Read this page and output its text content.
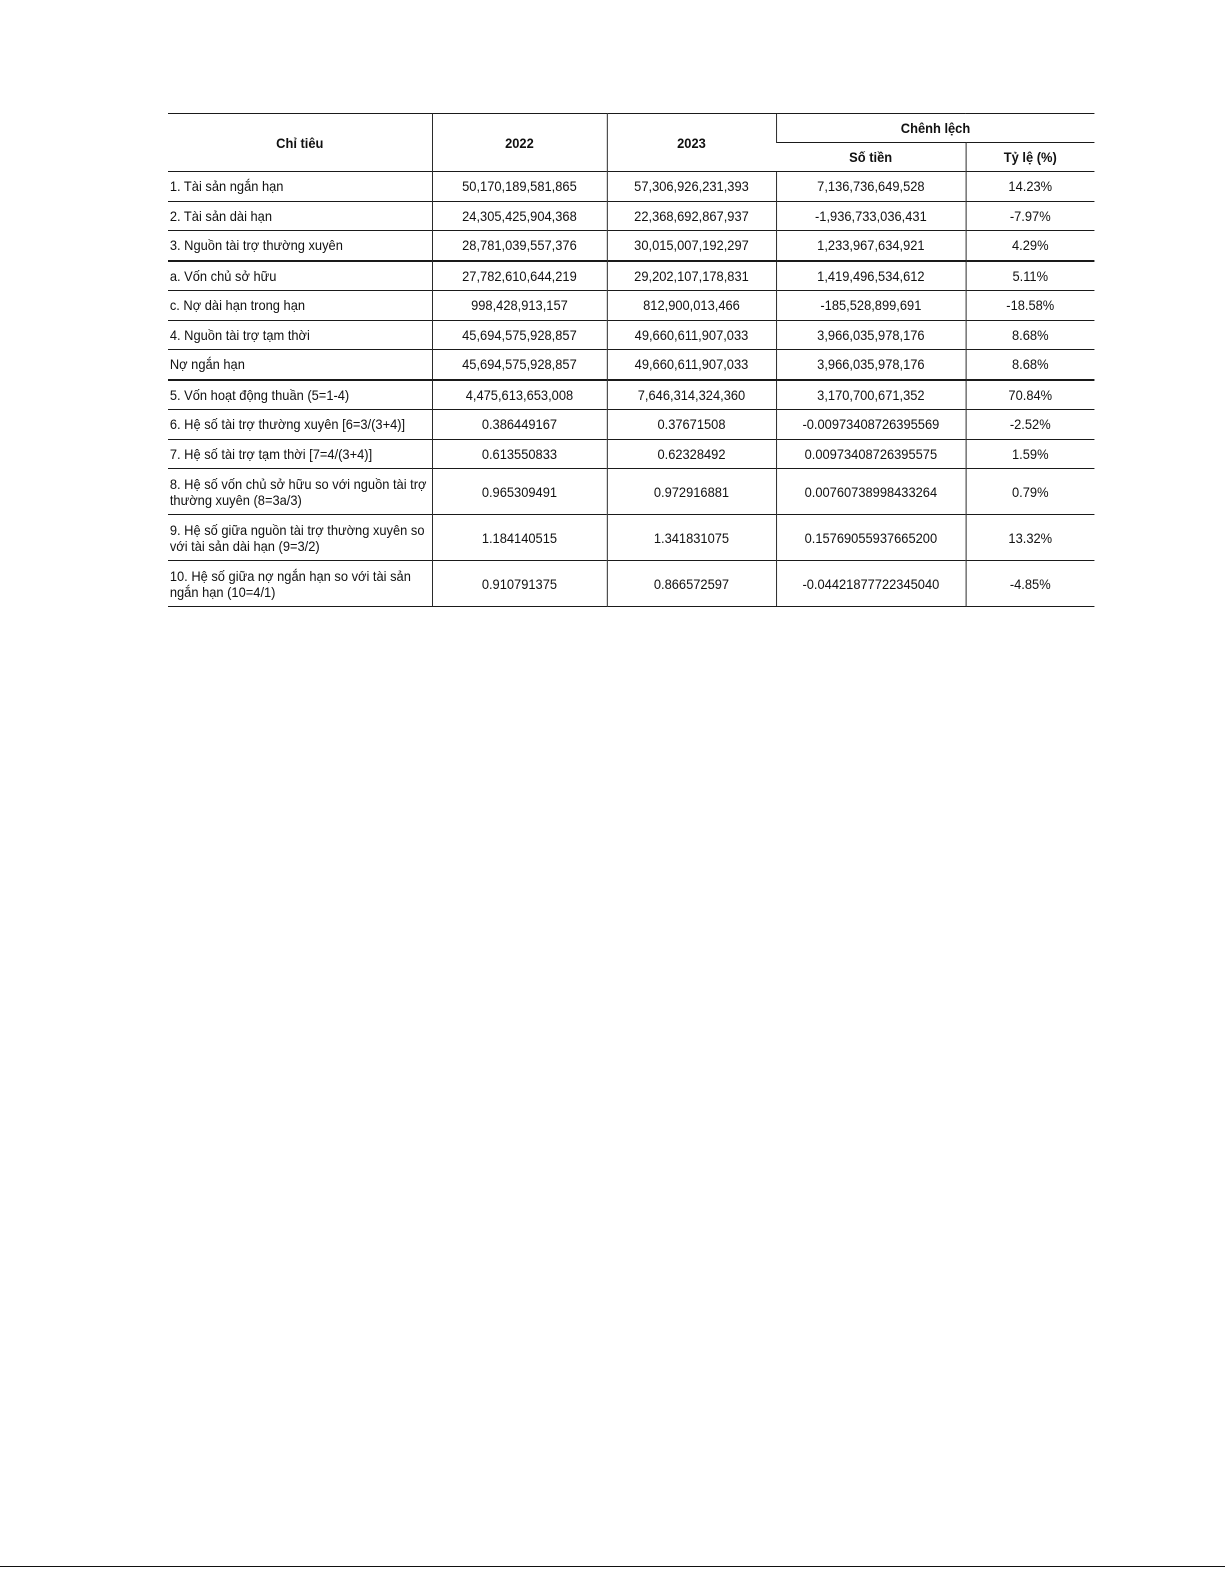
Chỉ tiêu	2022	2023	Chênh lệch	
			Số tiền	Tỷ lệ (%)
1. Tài sản ngắn hạn	50,170,189,581,865	57,306,926,231,393	7,136,736,649,528	14.23%
2. Tài sản dài hạn	24,305,425,904,368	22,368,692,867,937	-1,936,733,036,431	-7.97%
3. Nguồn tài trợ thường xuyên	28,781,039,557,376	30,015,007,192,297	1,233,967,634,921	4.29%
a. Vốn chủ sở hữu	27,782,610,644,219	29,202,107,178,831	1,419,496,534,612	5.11%
c. Nợ dài hạn trong hạn	998,428,913,157	812,900,013,466	-185,528,899,691	-18.58%
4. Nguồn tài trợ tạm thời	45,694,575,928,857	49,660,611,907,033	3,966,035,978,176	8.68%
Nợ ngắn hạn	45,694,575,928,857	49,660,611,907,033	3,966,035,978,176	8.68%
5. Vốn hoạt động thuần (5=1-4)	4,475,613,653,008	7,646,314,324,360	3,170,700,671,352	70.84%
6. Hệ số tài trợ thường xuyên [6=3/(3+4)]	0.386449167	0.37671508	-0.00973408726395569	-2.52%
7. Hệ số tài trợ tạm thời [7=4/(3+4)]	0.613550833	0.62328492	0.00973408726395575	1.59%
8. Hệ số vốn chủ sở hữu so với nguồn tài trợ thường xuyên (8=3a/3)	0.965309491	0.972916881	0.00760738998433264	0.79%
9. Hệ số giữa nguồn tài trợ thường xuyên so với tài sản dài hạn (9=3/2)	1.184140515	1.341831075	0.15769055937665200	13.32%
10. Hệ số giữa nợ ngắn hạn so với tài sản ngắn hạn (10=4/1)	0.910791375	0.866572597	-0.04421877722345040	-4.85%
